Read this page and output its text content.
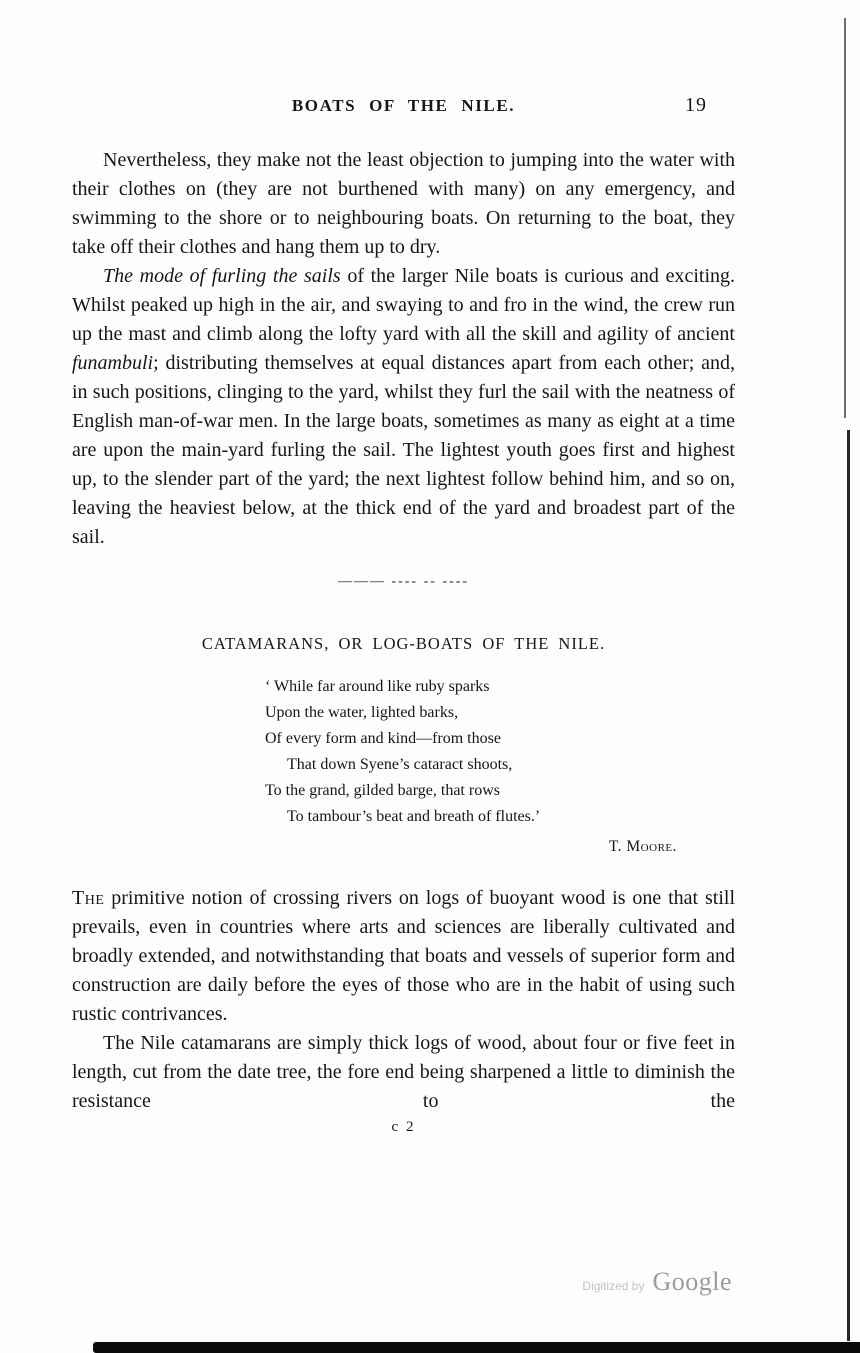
BOATS OF THE NILE.	19

Nevertheless, they make not the least objection to jumping into the water with their clothes on (they are not burthened with many) on any emergency, and swimming to the shore or to neighbouring boats. On returning to the boat, they take off their clothes and hang them up to dry.

The mode of furling the sails of the larger Nile boats is curious and exciting. Whilst peaked up high in the air, and swaying to and fro in the wind, the crew run up the mast and climb along the lofty yard with all the skill and agility of ancient funambuli; distributing themselves at equal distances apart from each other; and, in such positions, clinging to the yard, whilst they furl the sail with the neatness of English man-of-war men. In the large boats, sometimes as many as eight at a time are upon the main-yard furling the sail. The lightest youth goes first and highest up, to the slender part of the yard; the next lightest follow behind him, and so on, leaving the heaviest below, at the thick end of the yard and broadest part of the sail.

——— ---- -- ----
CATAMARANS, OR LOG-BOATS OF THE NILE.
‘ While far around like ruby sparks
Upon the water, lighted barks,
Of every form and kind—from those
That down Syene’s cataract shoots,
To the grand, gilded barge, that rows
To tambour’s beat and breath of flutes.’
T. Moore.

The primitive notion of crossing rivers on logs of buoyant wood is one that still prevails, even in countries where arts and sciences are liberally cultivated and broadly extended, and notwithstanding that boats and vessels of superior form and construction are daily before the eyes of those who are in the habit of using such rustic contrivances.

The Nile catamarans are simply thick logs of wood, about four or five feet in length, cut from the date tree, the fore end being sharpened a little to diminish the resistance to the

c 2
Digitized by Google
